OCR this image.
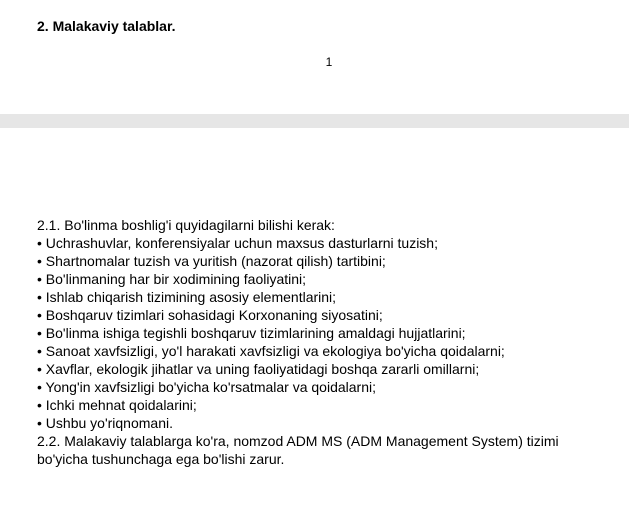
2. Malakaviy talablar.
1

2.1. Bo'linma boshlig'i quyidagilarni bilishi kerak:

• Uchrashuvlar, konferensiyalar uchun maxsus dasturlarni tuzish;
• Shartnomalar tuzish va yuritish (nazorat qilish) tartibini;
• Bo'linmaning har bir xodimining faoliyatini;
• Ishlab chiqarish tizimining asosiy elementlarini;
• Boshqaruv tizimlari sohasidagi Korxonaning siyosatini;
• Bo'linma ishiga tegishli boshqaruv tizimlarining amaldagi hujjatlarini;
• Sanoat xavfsizligi, yo'l harakati xavfsizligi va ekologiya bo'yicha qoidalarni;
• Xavflar, ekologik jihatlar va uning faoliyatidagi boshqa zararli omillarni;
• Yong'in xavfsizligi bo'yicha ko'rsatmalar va qoidalarni;
• Ichki mehnat qoidalarini;
• Ushbu yo'riqnomani.

2.2. Malakaviy talablarga ko'ra, nomzod ADM MS (ADM Management System) tizimi bo'yicha tushunchaga ega bo'lishi zarur.
